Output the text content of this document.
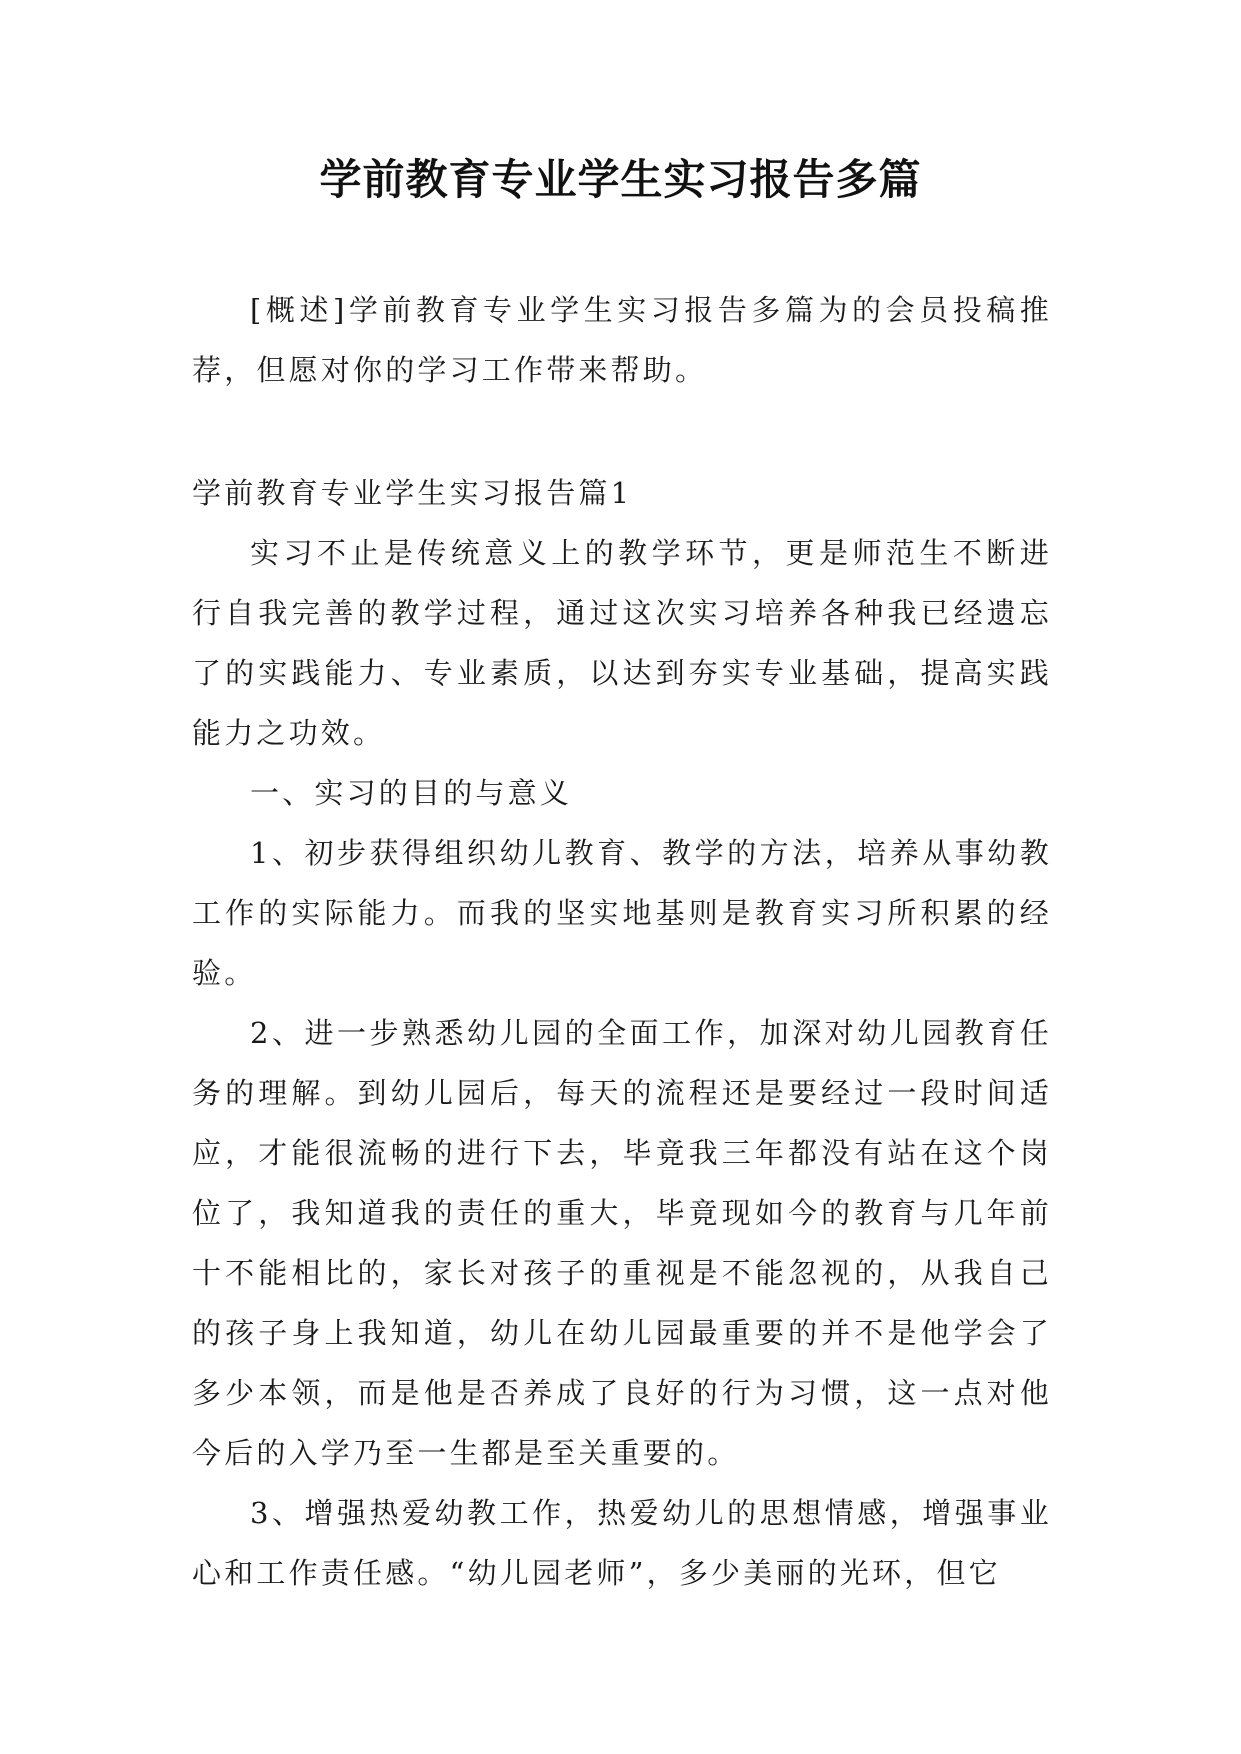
学前教育专业学生实习报告多篇

[概述]学前教育专业学生实习报告多篇为的会员投稿推荐，但愿对你的学习工作带来帮助。

学前教育专业学生实习报告篇1

实习不止是传统意义上的教学环节，更是师范生不断进行自我完善的教学过程，通过这次实习培养各种我已经遗忘了的实践能力、专业素质，以达到夯实专业基础，提高实践能力之功效。

一、实习的目的与意义

1、初步获得组织幼儿教育、教学的方法，培养从事幼教工作的实际能力。而我的坚实地基则是教育实习所积累的经验。

2、进一步熟悉幼儿园的全面工作，加深对幼儿园教育任务的理解。到幼儿园后，每天的流程还是要经过一段时间适应，才能很流畅的进行下去，毕竟我三年都没有站在这个岗位了，我知道我的责任的重大，毕竟现如今的教育与几年前十不能相比的，家长对孩子的重视是不能忽视的，从我自己的孩子身上我知道，幼儿在幼儿园最重要的并不是他学会了多少本领，而是他是否养成了良好的行为习惯，这一点对他今后的入学乃至一生都是至关重要的。

3、增强热爱幼教工作，热爱幼儿的思想情感，增强事业心和工作责任感。“幼儿园老师”，多少美丽的光环，但它
